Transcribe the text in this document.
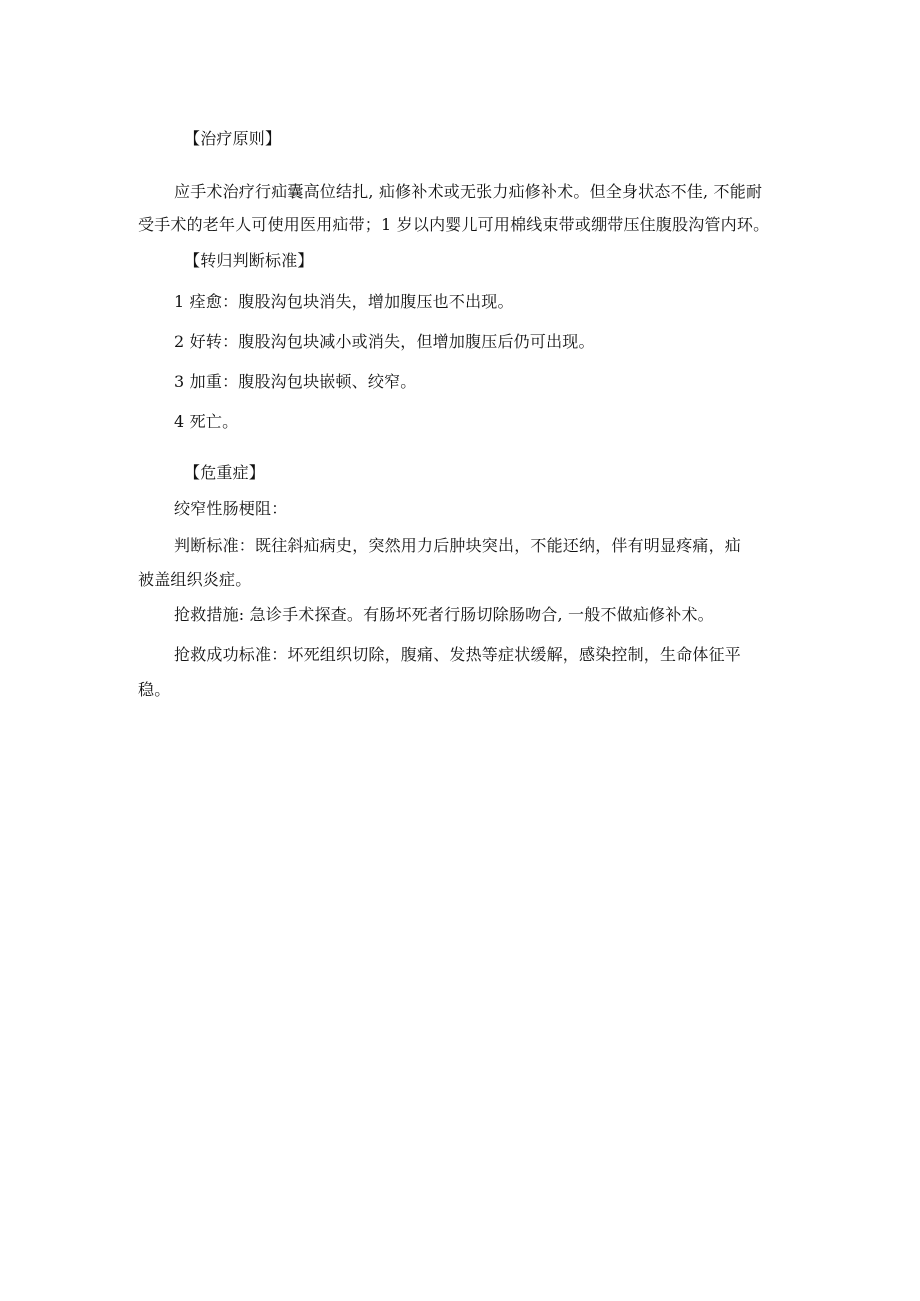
【治疗原则】
应手术治疗行疝囊高位结扎, 疝修补术或无张力疝修补术。但全身状态不佳, 不能耐
受手术的老年人可使用医用疝带；1 岁以内婴儿可用棉线束带或绷带压住腹股沟管内环。
【转归判断标准】
1 痊愈：腹股沟包块消失，增加腹压也不出现。
2 好转：腹股沟包块减小或消失，但增加腹压后仍可出现。
3 加重：腹股沟包块嵌顿、绞窄。
4 死亡。
【危重症】
绞窄性肠梗阻：
判断标准：既往斜疝病史，突然用力后肿块突出，不能还纳，伴有明显疼痛，疝
被盖组织炎症。
抢救措施: 急诊手术探查。有肠坏死者行肠切除肠吻合, 一般不做疝修补术。
抢救成功标准：坏死组织切除，腹痛、发热等症状缓解，感染控制，生命体征平
稳。
